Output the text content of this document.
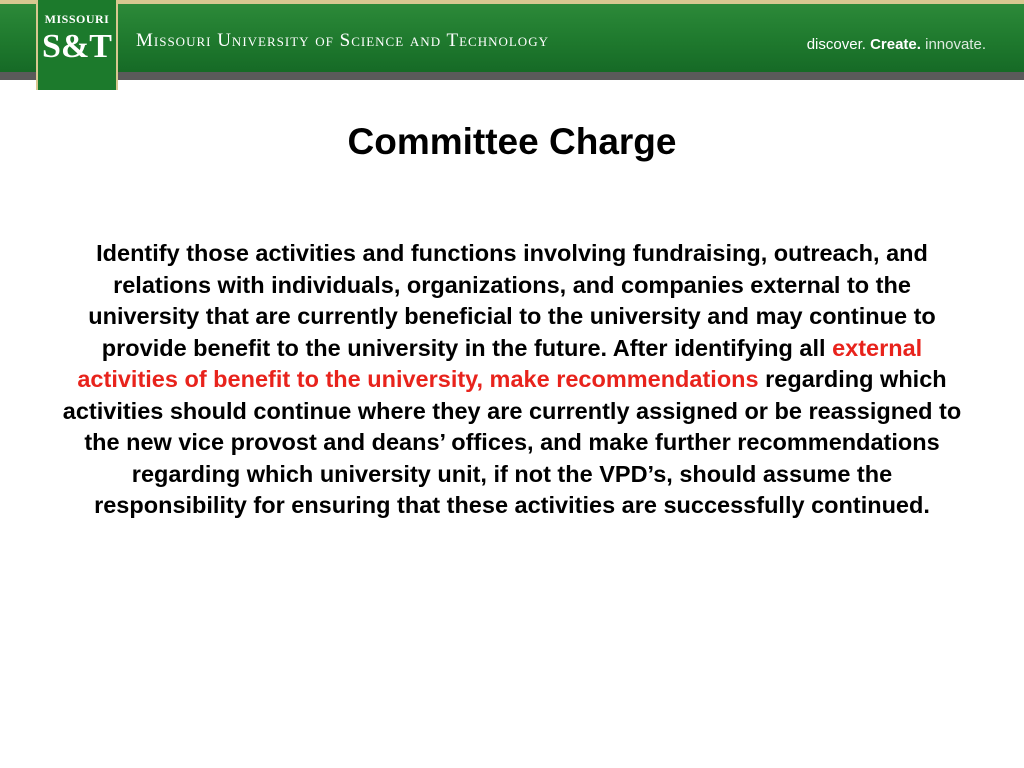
MISSOURI
S&T Missouri University of Science and Technology	discover. Create. innovate.
Committee Charge
Identify those activities and functions involving fundraising, outreach, and relations with individuals, organizations, and companies external to the university that are currently beneficial to the university and may continue to provide benefit to the university in the future. After identifying all external activities of benefit to the university, make recommendations regarding which activities should continue where they are currently assigned or be reassigned to the new vice provost and deans’ offices, and make further recommendations regarding which university unit, if not the VPD’s, should assume the responsibility for ensuring that these activities are successfully continued.
